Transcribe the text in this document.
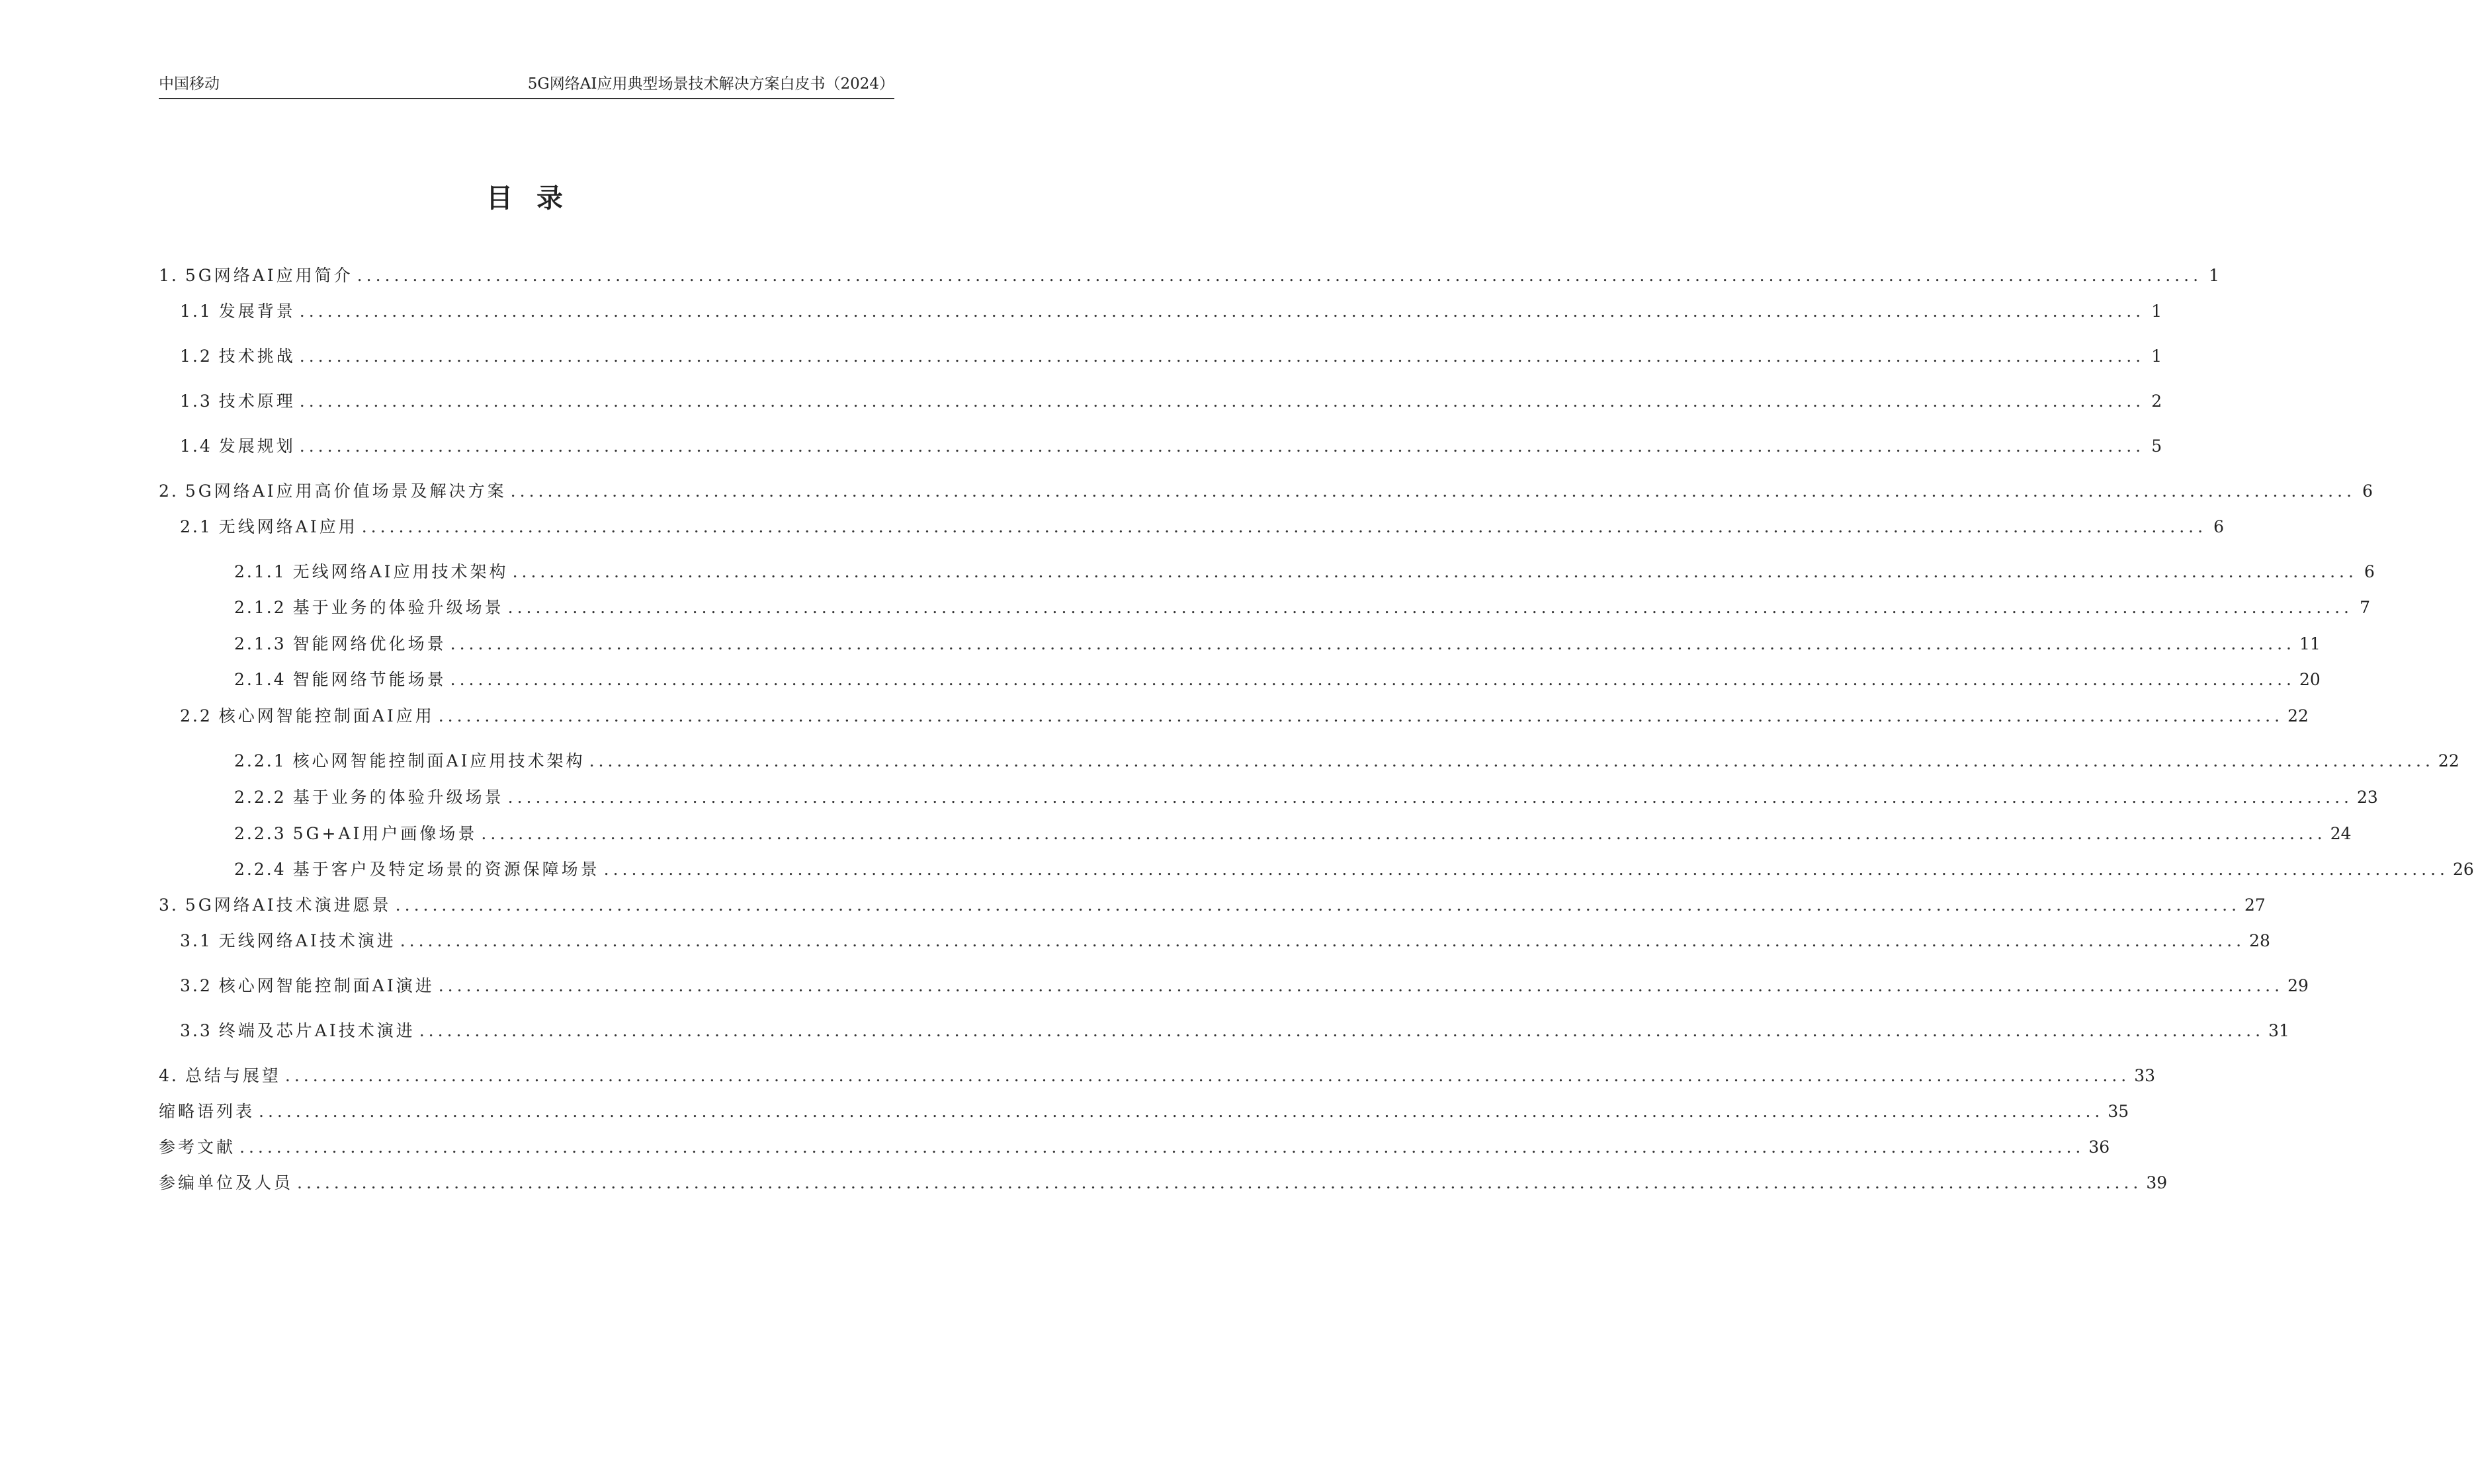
中国移动	5G网络AI应用典型场景技术解决方案白皮书（2024）
目录
1. 5G网络AI应用简介 ........................................................................................................................................................................................................ 1
1.1 发展背景 ........................................................................................................................................................................................................ 1
1.2 技术挑战 ........................................................................................................................................................................................................ 1
1.3 技术原理 ........................................................................................................................................................................................................ 2
1.4 发展规划 ........................................................................................................................................................................................................ 5
2. 5G网络AI应用高价值场景及解决方案 ........................................................................................................................................................................................................ 6
2.1 无线网络AI应用 ........................................................................................................................................................................................................ 6
2.1.1 无线网络AI应用技术架构 ........................................................................................................................................................................................................ 6
2.1.2 基于业务的体验升级场景 ........................................................................................................................................................................................................ 7
2.1.3 智能网络优化场景 ........................................................................................................................................................................................................ 11
2.1.4 智能网络节能场景 ........................................................................................................................................................................................................ 20
2.2 核心网智能控制面AI应用 ........................................................................................................................................................................................................ 22
2.2.1 核心网智能控制面AI应用技术架构 ........................................................................................................................................................................................................ 22
2.2.2 基于业务的体验升级场景 ........................................................................................................................................................................................................ 23
2.2.3 5G+AI用户画像场景 ........................................................................................................................................................................................................ 24
2.2.4 基于客户及特定场景的资源保障场景 ........................................................................................................................................................................................................ 26
3. 5G网络AI技术演进愿景 ........................................................................................................................................................................................................ 27
3.1 无线网络AI技术演进 ........................................................................................................................................................................................................ 28
3.2 核心网智能控制面AI演进 ........................................................................................................................................................................................................ 29
3.3 终端及芯片AI技术演进 ........................................................................................................................................................................................................ 31
4. 总结与展望 ........................................................................................................................................................................................................ 33
缩略语列表 ........................................................................................................................................................................................................ 35
参考文献 ........................................................................................................................................................................................................ 36
参编单位及人员 ........................................................................................................................................................................................................ 39
